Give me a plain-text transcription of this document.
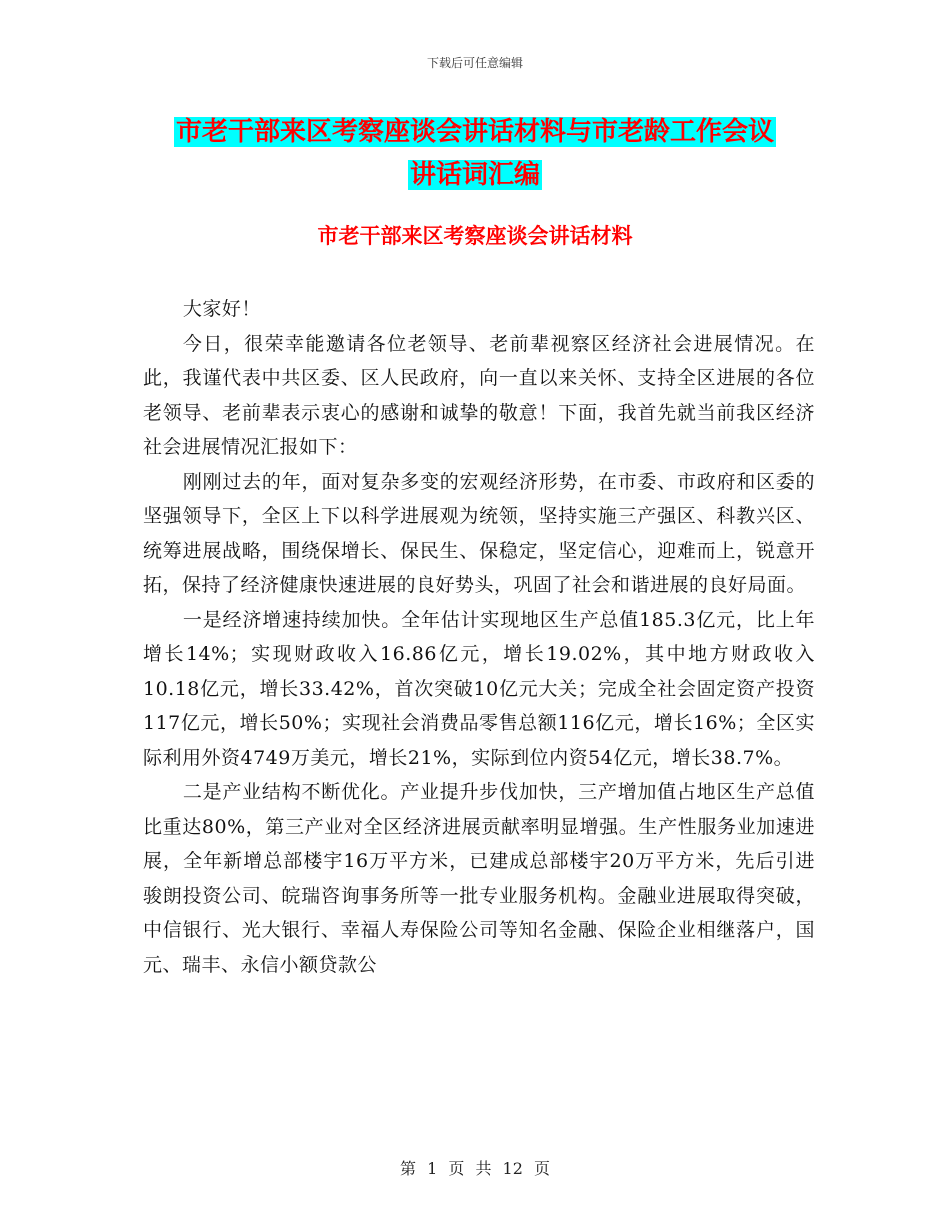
下载后可任意编辑
市老干部来区考察座谈会讲话材料与市老龄工作会议
讲话词汇编
市老干部来区考察座谈会讲话材料

大家好！

今日，很荣幸能邀请各位老领导、老前辈视察区经济社会进展情况。在此，我谨代表中共区委、区人民政府，向一直以来关怀、支持全区进展的各位老领导、老前辈表示衷心的感谢和诚挚的敬意！下面，我首先就当前我区经济社会进展情况汇报如下：

刚刚过去的年，面对复杂多变的宏观经济形势，在市委、市政府和区委的坚强领导下，全区上下以科学进展观为统领，坚持实施三产强区、科教兴区、统筹进展战略，围绕保增长、保民生、保稳定，坚定信心，迎难而上，锐意开拓，保持了经济健康快速进展的良好势头，巩固了社会和谐进展的良好局面。

一是经济增速持续加快。全年估计实现地区生产总值185.3亿元，比上年增长14%；实现财政收入16.86亿元，增长19.02%，其中地方财政收入10.18亿元，增长33.42%，首次突破10亿元大关；完成全社会固定资产投资117亿元，增长50%；实现社会消费品零售总额116亿元，增长16%；全区实际利用外资4749万美元，增长21%，实际到位内资54亿元，增长38.7%。

二是产业结构不断优化。产业提升步伐加快，三产增加值占地区生产总值比重达80%，第三产业对全区经济进展贡献率明显增强。生产性服务业加速进展，全年新增总部楼宇16万平方米，已建成总部楼宇20万平方米，先后引进骏朗投资公司、皖瑞咨询事务所等一批专业服务机构。金融业进展取得突破，中信银行、光大银行、幸福人寿保险公司等知名金融、保险企业相继落户，国元、瑞丰、永信小额贷款公

第 1 页 共 12 页
